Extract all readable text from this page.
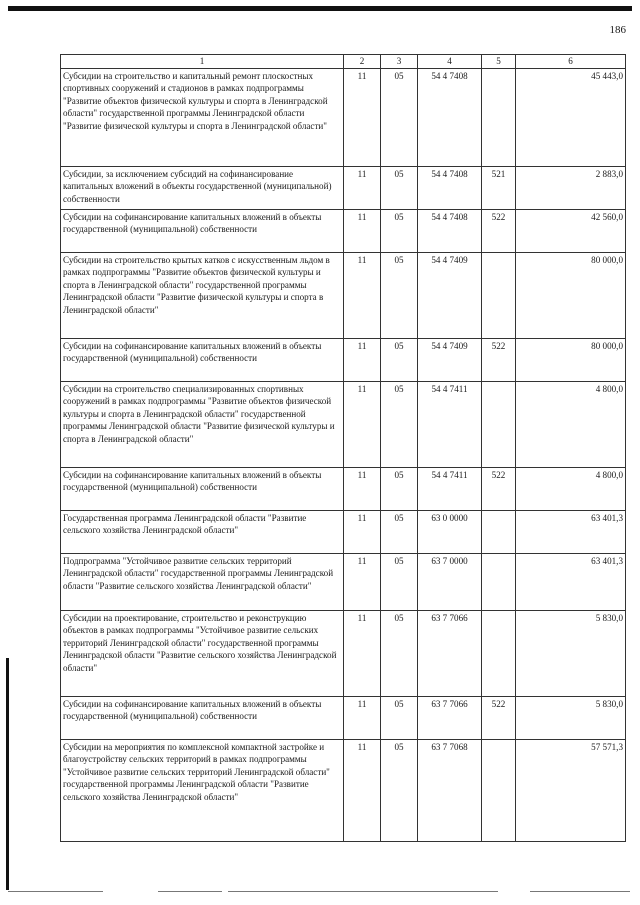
186
1	2	3	4	5	6
Субсидии на строительство и капитальный ремонт плоскостных спортивных сооружений и стадионов в рамках подпрограммы "Развитие объектов физической культуры и спорта в Ленинградской области" государственной программы Ленинградской области "Развитие физической культуры и спорта в Ленинградской области"	11	05	54 4 7408		45 443,0
Субсидии, за исключением субсидий на софинансирование капитальных вложений в объекты государственной (муниципальной) собственности	11	05	54 4 7408	521	2 883,0
Субсидии на софинансирование капитальных вложений в объекты государственной (муниципальной) собственности	11	05	54 4 7408	522	42 560,0
Субсидии на строительство крытых катков с искусственным льдом в рамках подпрограммы "Развитие объектов физической культуры и спорта в Ленинградской области" государственной программы Ленинградской области "Развитие физической культуры и спорта в Ленинградской области"	11	05	54 4 7409		80 000,0
Субсидии на софинансирование капитальных вложений в объекты государственной (муниципальной) собственности	11	05	54 4 7409	522	80 000,0
Субсидии на строительство специализированных спортивных сооружений в рамках подпрограммы "Развитие объектов физической культуры и спорта в Ленинградской области" государственной программы Ленинградской области "Развитие физической культуры и спорта в Ленинградской области"	11	05	54 4 7411		4 800,0
Субсидии на софинансирование капитальных вложений в объекты государственной (муниципальной) собственности	11	05	54 4 7411	522	4 800,0
Государственная программа Ленинградской области "Развитие сельского хозяйства Ленинградской области"	11	05	63 0 0000		63 401,3
Подпрограмма "Устойчивое развитие сельских территорий Ленинградской области" государственной программы Ленинградской области "Развитие сельского хозяйства Ленинградской области"	11	05	63 7 0000		63 401,3
Субсидии на проектирование, строительство и реконструкцию объектов в рамках подпрограммы "Устойчивое развитие сельских территорий Ленинградской области" государственной программы Ленинградской области "Развитие сельского хозяйства Ленинградской области"	11	05	63 7 7066		5 830,0
Субсидии на софинансирование капитальных вложений в объекты государственной (муниципальной) собственности	11	05	63 7 7066	522	5 830,0
Субсидии на мероприятия по комплексной компактной застройке и благоустройству сельских территорий в рамках подпрограммы "Устойчивое развитие сельских территорий Ленинградской области" государственной программы Ленинградской области "Развитие сельского хозяйства Ленинградской области"	11	05	63 7 7068		57 571,3
